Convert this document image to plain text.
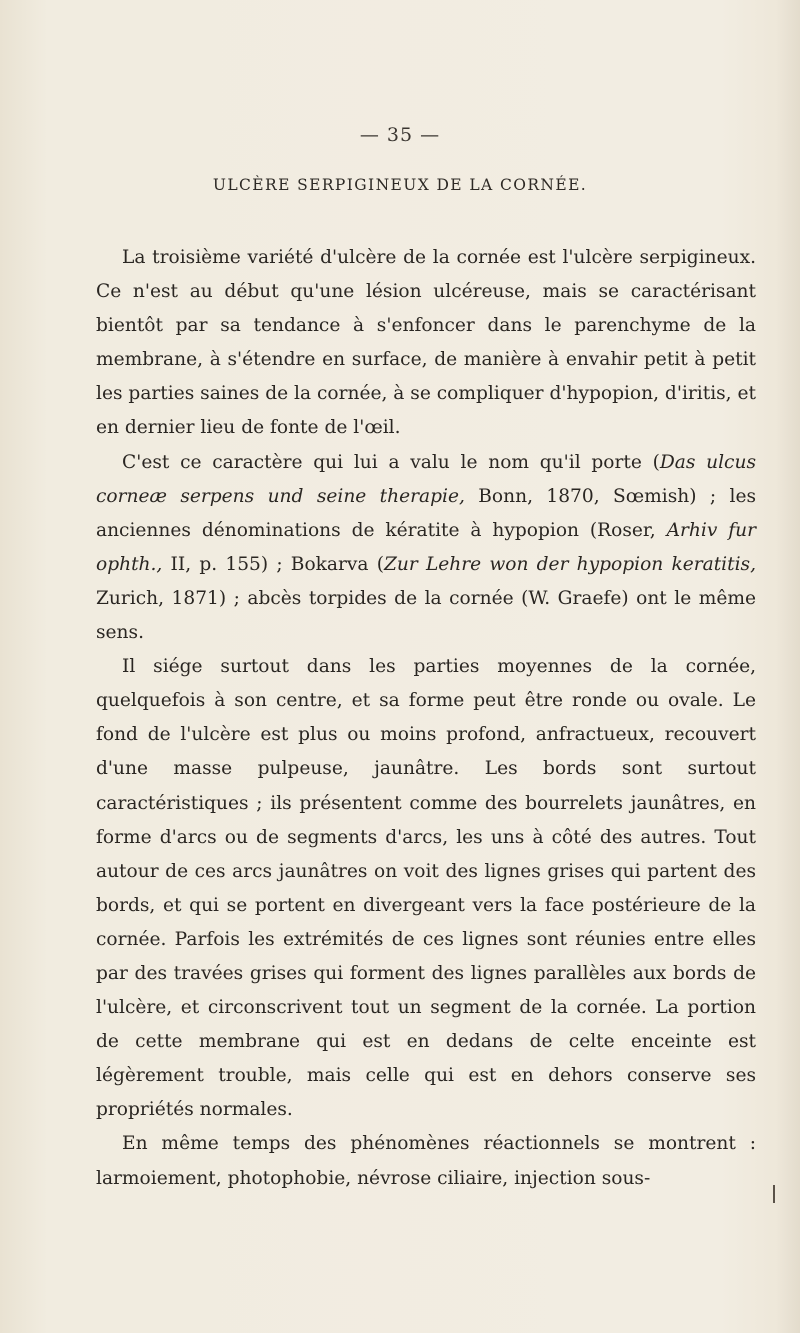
— 35 —
ULCÈRE SERPIGINEUX DE LA CORNÉE.

La troisième variété d'ulcère de la cornée est l'ulcère serpigineux. Ce n'est au début qu'une lésion ulcéreuse, mais se caractérisant bientôt par sa tendance à s'enfoncer dans le parenchyme de la membrane, à s'étendre en surface, de manière à envahir petit à petit les parties saines de la cornée, à se compliquer d'hypopion, d'iritis, et en dernier lieu de fonte de l'œil.

C'est ce caractère qui lui a valu le nom qu'il porte (Das ulcus corneæ serpens und seine therapie, Bonn, 1870, Sœmish) ; les anciennes dénominations de kératite à hypopion (Roser, Arhiv fur ophth., II, p. 155) ; Bokarva (Zur Lehre won der hypopion keratitis, Zurich, 1871) ; abcès torpides de la cornée (W. Graefe) ont le même sens.

Il siége surtout dans les parties moyennes de la cornée, quelquefois à son centre, et sa forme peut être ronde ou ovale. Le fond de l'ulcère est plus ou moins profond, anfractueux, recouvert d'une masse pulpeuse, jaunâtre. Les bords sont surtout caractéristiques ; ils présentent comme des bourrelets jaunâtres, en forme d'arcs ou de segments d'arcs, les uns à côté des autres. Tout autour de ces arcs jaunâtres on voit des lignes grises qui partent des bords, et qui se portent en divergeant vers la face postérieure de la cornée. Parfois les extrémités de ces lignes sont réunies entre elles par des travées grises qui forment des lignes parallèles aux bords de l'ulcère, et circonscrivent tout un segment de la cornée. La portion de cette membrane qui est en dedans de celte enceinte est légèrement trouble, mais celle qui est en dehors conserve ses propriétés normales.

En même temps des phénomènes réactionnels se montrent : larmoiement, photophobie, névrose ciliaire, injection sous-
